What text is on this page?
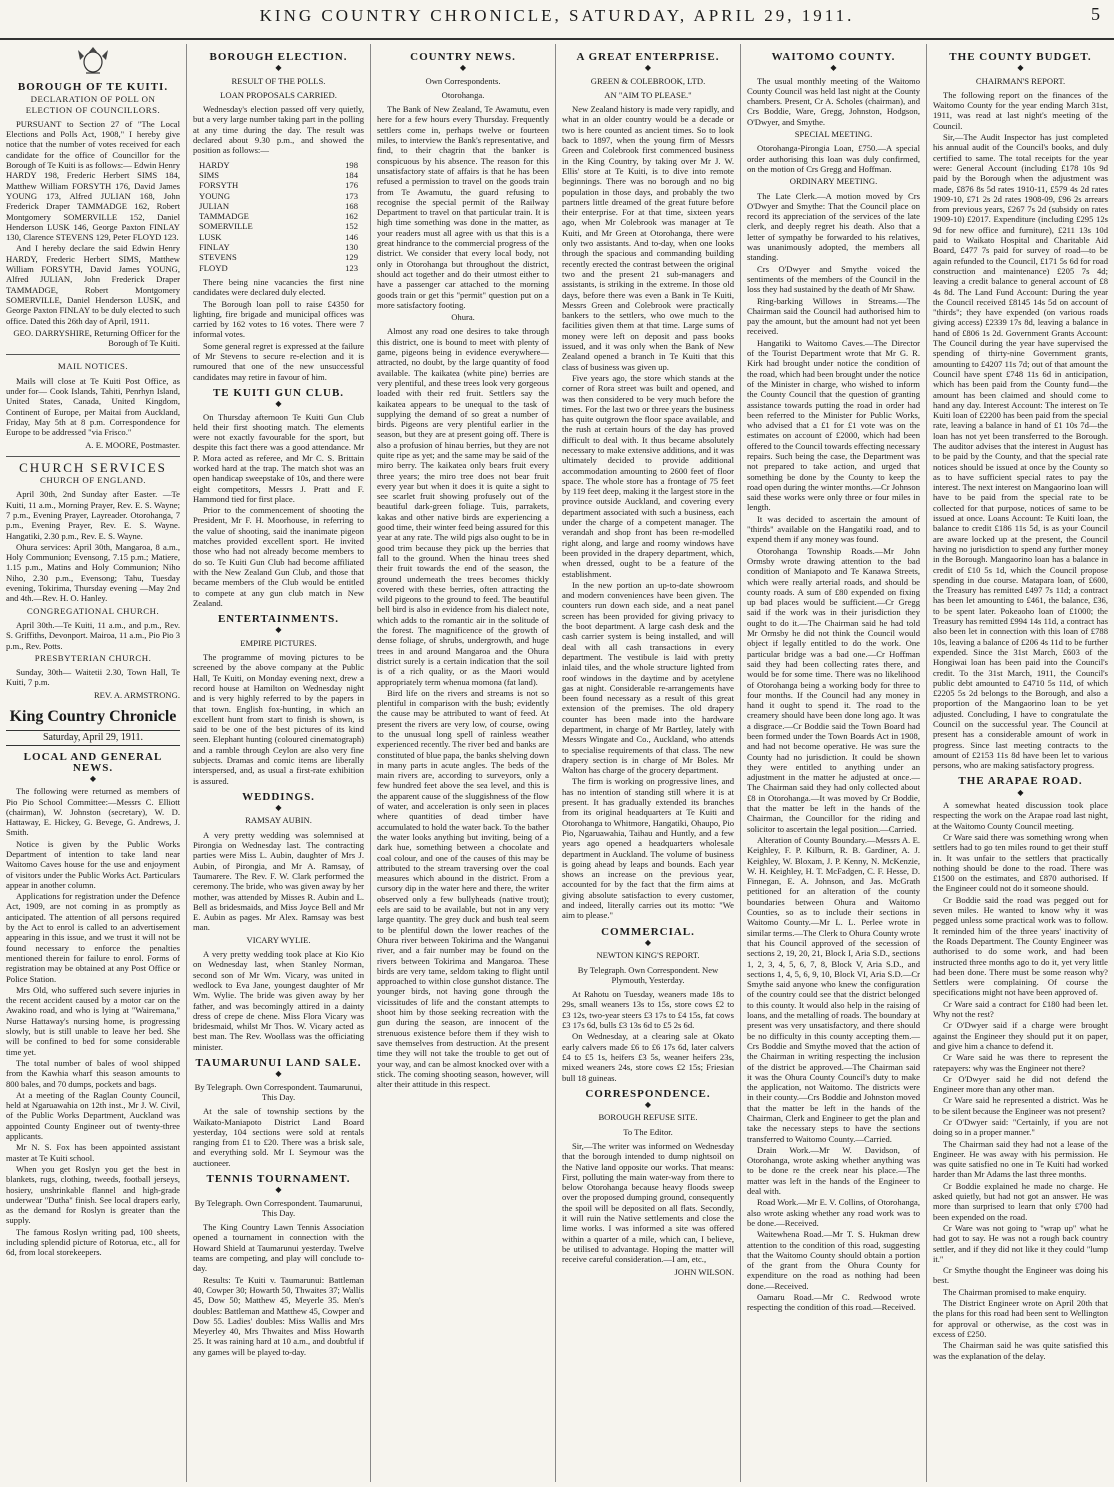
KING COUNTRY CHRONICLE, SATURDAY, APRIL 29, 1911.	5
BOROUGH OF TE KUITI.
DECLARATION OF POLL ON ELECTION OF COUNCILLORS.

PURSUANT to Section 27 of "The Local Elections and Polls Act, 1908," I hereby give notice that the number of votes received for each candidate for the office of Councillor for the Borough of Te Kuiti is as follows:— Edwin Henry HARDY 198, Frederic Herbert SIMS 184, Matthew William FORSYTH 176, David James YOUNG 173, Alfred JULIAN 168, John Frederick Draper TAMMADGE 162, Robert Montgomery SOMERVILLE 152, Daniel Henderson LUSK 146, George Paxton FINLAY 130, Clarence STEVENS 129, Peter FLOYD 123.

And I hereby declare the said Edwin Henry HARDY, Frederic Herbert SIMS, Matthew William FORSYTH, David James YOUNG, Alfred JULIAN, John Frederick Draper TAMMADGE, Robert Montgomery SOMERVILLE, Daniel Henderson LUSK, and George Paxton FINLAY to be duly elected to such office. Dated this 26th day of April, 1911.

GEO. DARRYSHIRE, Returning Officer for the Borough of Te Kuiti.
MAIL NOTICES.

Mails will close at Te Kuiti Post Office, as under for— Cook Islands, Tahiti, Penrhyn Island, United States, Canada, United Kingdom, Continent of Europe, per Maitai from Auckland, Friday, May 5th at 8 p.m. Correspondence for Europe to be addressed "via Frisco."

A. E. MOORE, Postmaster.
CHURCH SERVICES
CHURCH OF ENGLAND.

April 30th, 2nd Sunday after Easter. —Te Kuiti, 11 a.m., Morning Prayer, Rev. E. S. Wayne; 7 p.m., Evening Prayer, Layreader. Otorohanga, 7 p.m., Evening Prayer, Rev. E. S. Wayne. Hangatiki, 2.30 p.m., Rev. E. S. Wayne.

Ohura services: April 30th, Mangaroa, 8 a.m., Holy Communion; Evensong, 7.15 p.m.; Matiere, 1.15 p.m., Matins and Holy Communion; Niho Niho, 2.30 p.m., Evensong; Tahu, Tuesday evening, Tokirima, Thursday evening —May 2nd and 4th.—Rev. H. O. Hanley.

CONGREGATIONAL CHURCH.

April 30th.—Te Kuiti, 11 a.m., and p.m., Rev. S. Griffiths, Devonport. Mairoa, 11 a.m., Pio Pio 3 p.m., Rev. Potts.

PRESBYTERIAN CHURCH.

Sunday, 30th— Waitetii 2.30, Town Hall, Te Kuiti, 7 p.m.

REV. A. ARMSTRONG.
King Country Chronicle
Saturday, April 29, 1911.
LOCAL AND GENERAL NEWS.
◆

The following were returned as members of Pio Pio School Committee:—Messrs C. Elliott (chairman), W. Johnston (secretary), W. D. Hattaway, E. Hickey, G. Bevege, G. Andrews, J. Smith.

Notice is given by the Public Works Department of intention to take land near Waitomo Caves house for the use and enjoyment of visitors under the Public Works Act. Particulars appear in another column.

Applications for registration under the Defence Act, 1909, are not coming in as promptly as anticipated. The attention of all persons required by the Act to enrol is called to an advertisement appearing in this issue, and we trust it will not be found necessary to enforce the penalties mentioned therein for failure to enrol. Forms of registration may be obtained at any Post Office or Police Station.

Mrs Old, who suffered such severe injuries in the recent accident caused by a motor car on the Awakino road, and who is lying at "Wairemana," Nurse Hattaway's nursing home, is progressing slowly, but is still unable to leave her bed. She will be confined to bed for some considerable time yet.

The total number of bales of wool shipped from the Kawhia wharf this season amounts to 800 bales, and 70 dumps, pockets and bags.

At a meeting of the Raglan County Council, held at Ngaruawahia on 12th inst., Mr J. W. Civil, of the Public Works Department, Auckland was appointed County Engineer out of twenty-three applicants.

Mr N. S. Fox has been appointed assistant master at Te Kuiti school.

When you get Roslyn you get the best in blankets, rugs, clothing, tweeds, football jerseys, hosiery, unshrinkable flannel and high-grade underwear "Dutha" finish. See local drapers early, as the demand for Roslyn is greater than the supply.

The famous Roslyn writing pad, 100 sheets, including splendid picture of Rotorua, etc., all for 6d, from local storekeepers.

BOROUGH ELECTION.
◆
RESULT OF THE POLLS.
LOAN PROPOSALS CARRIED.

Wednesday's election passed off very quietly, but a very large number taking part in the polling at any time during the day. The result was declared about 9.30 p.m., and showed the position as follows:—

HARDY	198
SIMS	184
FORSYTH	176
YOUNG	173
JULIAN	168
TAMMADGE	162
SOMERVILLE	152
LUSK	146
FINLAY	130
STEVENS	129
FLOYD	123

There being nine vacancies the first nine candidates were declared duly elected.

The Borough loan poll to raise £4350 for lighting, fire brigade and municipal offices was carried by 162 votes to 16 votes. There were 7 informal votes.

Some general regret is expressed at the failure of Mr Stevens to secure re-election and it is rumoured that one of the new unsuccessful candidates may retire in favour of him.

TE KUITI GUN CLUB.
◆

On Thursday afternoon Te Kuiti Gun Club held their first shooting match. The elements were not exactly favourable for the sport, but despite this fact there was a good attendance. Mr P. Mora acted as referee, and Mr C. S. Brittain worked hard at the trap. The match shot was an open handicap sweepstake of 10s, and there were eight competitors, Messrs J. Pratt and F. Hammond tied for first place.

Prior to the commencement of shooting the President, Mr F. H. Moorhouse, in referring to the value of shooting, said the inanimate pigeon matches provided excellent sport. He invited those who had not already become members to do so. Te Kuiti Gun Club had become affiliated with the New Zealand Gun Club, and those that became members of the Club would be entitled to compete at any gun club match in New Zealand.

ENTERTAINMENTS.
◆
EMPIRE PICTURES.

The programme of moving pictures to be screened by the above company at the Public Hall, Te Kuiti, on Monday evening next, drew a record house at Hamilton on Wednesday night and is very highly referred to by the papers in that town. English fox-hunting, in which an excellent hunt from start to finish is shown, is said to be one of the best pictures of its kind seen. Elephant hunting (coloured cinematograph) and a ramble through Ceylon are also very fine subjects. Dramas and comic items are liberally interspersed, and, as usual a first-rate exhibition is assured.

WEDDINGS.
◆
RAMSAY AUBIN.

A very pretty wedding was solemnised at Pirongia on Wednesday last. The contracting parties were Miss L. Aubin, daughter of Mrs J. Aubin, of Pirongia, and Mr A. Ramsay, of Taumarere. The Rev. F. W. Clark performed the ceremony. The bride, who was given away by her mother, was attended by Misses R. Aubin and L. Bell as bridesmaids, and Miss Joyce Bell and Mr E. Aubin as pages. Mr Alex. Ramsay was best man.

VICARY WYLIE.

A very pretty wedding took place at Kio Kio on Wednesday last, when Stanley Norman, second son of Mr Wm. Vicary, was united in wedlock to Eva Jane, youngest daughter of Mr Wm. Wylie. The bride was given away by her father, and was becomingly attired in a dainty dress of crepe de chene. Miss Flora Vicary was bridesmaid, whilst Mr Thos. W. Vicary acted as best man. The Rev. Woollass was the officiating minister.

TAUMARUNUI LAND SALE.
◆
By Telegraph. Own Correspondent. Taumarunui, This Day.

At the sale of township sections by the Waikato-Maniapoto District Land Board yesterday, 104 sections were sold at rentals ranging from £1 to £20. There was a brisk sale, and everything sold. Mr I. Seymour was the auctioneer.

TENNIS TOURNAMENT.
◆
By Telegraph. Own Correspondent. Taumarunui, This Day.

The King Country Lawn Tennis Association opened a tournament in connection with the Howard Shield at Taumarunui yesterday. Twelve teams are competing, and play will conclude to-day.

Results: Te Kuiti v. Taumarunui: Battleman 40, Cowper 30; Howarth 50, Thwaites 37; Wallis 45, Dow 50; Matthew 45, Meyerle 35. Men's doubles: Battleman and Matthew 45, Cowper and Dow 55. Ladies' doubles: Miss Wallis and Mrs Meyerley 40, Mrs Thwaites and Miss Howarth 25. It was raining hard at 10 a.m., and doubtful if any games will be played to-day.

COUNTRY NEWS.
◆
Own Correspondents.
Otorohanga.

The Bank of New Zealand, Te Awamutu, even here for a few hours every Thursday. Frequently settlers come in, perhaps twelve or fourteen miles, to interview the Bank's representative, and find, to their chagrin that the banker is conspicuous by his absence. The reason for this unsatisfactory state of affairs is that he has been refused a permission to travel on the goods train from Te Awamutu, the guard refusing to recognise the special permit of the Railway Department to travel on that particular train. It is high time something was done in the matter, as your readers must all agree with us that this is a great hindrance to the commercial progress of the district. We consider that every local body, not only in Otorohanga but throughout the district, should act together and do their utmost either to have a passenger car attached to the morning goods train or get this "permit" question put on a more satisfactory footing.

Ohura.

Almost any road one desires to take through this district, one is bound to meet with plenty of game, pigeons being in evidence everywhere—attracted, no doubt, by the large quantity of food available. The kaikatea (white pine) berries are very plentiful, and these trees look very gorgeous loaded with their red fruit. Settlers say the kaikatea appears to be unequal to the task of supplying the demand of so great a number of birds. Pigeons are very plentiful earlier in the season, but they are at present going off. There is also a profusion of hinau berries, but they are not quite ripe as yet; and the same may be said of the miro berry. The kaikatea only bears fruit every three years; the miro tree does not bear fruit every year but when it does it is quite a sight to see scarlet fruit showing profusely out of the beautiful dark-green foliage. Tuis, parrakets, kakas and other native birds are experiencing a good time, their winter feed being assured for this year at any rate. The wild pigs also ought to be in good trim because they pick up the berries that fall to the ground. When the hinau trees shed their fruit towards the end of the season, the ground underneath the trees becomes thickly covered with these berries, often attracting the wild pigeons to the ground to feed. The beautiful bell bird is also in evidence from his dialect note, which adds to the romantic air in the solitude of the forest. The magnificence of the growth of dense foliage, of shrubs, undergrowth, and huge trees in and around Mangaroa and the Ohura district surely is a certain indication that the soil is of a rich quality, or as the Maori would appropriately term whenua momona (fat land).

Bird life on the rivers and streams is not so plentiful in comparison with the bush; evidently the cause may be attributed to want of feed. At present the rivers are very low, of course, owing to the unusual long spell of rainless weather experienced recently. The river bed and banks are constituted of blue papa, the banks shelving down in many parts in acute angles. The beds of the main rivers are, according to surveyors, only a few hundred feet above the sea level, and this is the apparent cause of the sluggishness of the flow of water, and acceleration is only seen in places where quantities of dead timber have accumulated to hold the water back. To the bather the water looks anything but inviting, being of a dark hue, something between a chocolate and coal colour, and one of the causes of this may be attributed to the stream traversing over the coal measures which abound in the district. From a cursory dip in the water here and there, the writer observed only a few bullyheads (native trout); eels are said to be available, but not in any very large quantity. The grey duck and bush teal seem to be plentiful down the lower reaches of the Ohura river between Tokirima and the Wanganui river, and a fair number may be found on the rivers between Tokirima and Mangaroa. These birds are very tame, seldom taking to flight until approached to within close gunshot distance. The younger birds, not having gone through the vicissitudes of life and the constant attempts to shoot him by those seeking recreation with the gun during the season, are innocent of the strenuous existence before them if they wish to save themselves from destruction. At the present time they will not take the trouble to get out of your way, and can be almost knocked over with a stick. The coming shooting season, however, will alter their attitude in this respect.

A GREAT ENTERPRISE.
◆
GREEN & COLEBROOK, LTD.
AN "AIM TO PLEASE."

New Zealand history is made very rapidly, and what in an older country would be a decade or two is here counted as ancient times. So to look back to 1897, when the young firm of Messrs Green and Colebrook first commenced business in the King Country, by taking over Mr J. W. Ellis' store at Te Kuiti, is to dive into remote beginnings. There was no borough and no big population in those days, and probably the two partners little dreamed of the great future before their enterprise. For at that time, sixteen years ago, when Mr Colebrook was manager at Te Kuiti, and Mr Green at Otorohanga, there were only two assistants. And to-day, when one looks through the spacious and commanding building recently erected the contrast between the original two and the present 21 sub-managers and assistants, is striking in the extreme. In those old days, before there was even a Bank in Te Kuiti, Messrs Green and Colebrook were practically bankers to the settlers, who owe much to the facilities given them at that time. Large sums of money were left on deposit and pass books issued, and it was only when the Bank of New Zealand opened a branch in Te Kuiti that this class of business was given up.

Five years ago, the store which stands at the corner of Rora street was built and opened, and was then considered to be very much before the times. For the last two or three years the business has quite outgrown the floor space available, and the rush at certain hours of the day has proved difficult to deal with. It thus became absolutely necessary to make extensive additions, and it was ultimately decided to provide additional accommodation amounting to 2600 feet of floor space. The whole store has a frontage of 75 feet by 119 feet deep, making it the largest store in the province outside Auckland, and covering every department associated with such a business, each under the charge of a competent manager. The verandah and shop front has been re-modelled right along, and large and roomy windows have been provided in the drapery department, which, when dressed, ought to be a feature of the establishment.

In the new portion an up-to-date showroom and modern conveniences have been given. The counters run down each side, and a neat panel screen has been provided for giving privacy to the boot department. A large cash desk and the cash carrier system is being installed, and will deal with all cash transactions in every department. The vestibule is laid with pretty inlaid tiles, and the whole structure lighted from roof windows in the daytime and by acetylene gas at night. Considerable re-arrangements have been found necessary as a result of this great extension of the premises. The old drapery counter has been made into the hardware department, in charge of Mr Bartley, lately with Messrs Wingate and Co., Auckland, who attends to specialise requirements of that class. The new drapery section is in charge of Mr Boles. Mr Walton has charge of the grocery department.

The firm is working on progressive lines, and has no intention of standing still where it is at present. It has gradually extended its branches from its original headquarters at Te Kuiti and Otorohanga to Whitmore, Hangatiki, Ohaupo, Pio Pio, Ngaruawahia, Taihau and Huntly, and a few years ago opened a headquarters wholesale department in Auckland. The volume of business is going ahead by leaps and bounds. Each year shows an increase on the previous year, accounted for by the fact that the firm aims at giving absolute satisfaction to every customer, and indeed, literally carries out its motto: "We aim to please."

COMMERCIAL.
◆
NEWTON KING'S REPORT.
By Telegraph. Own Correspondent. New Plymouth, Yesterday.

At Rahotu on Tuesday, weaners made 18s to 29s, small weaners 13s to 15s, store cows £2 to £3 12s, two-year steers £3 17s to £4 15s, fat cows £3 17s 6d, bulls £3 13s 6d to £5 2s 6d.

On Wednesday, at a clearing sale at Okato early calvers made £6 to £6 17s 6d, later calvers £4 to £5 1s, heifers £3 5s, weaner heifers 23s, mixed weaners 24s, store cows £2 15s; Friesian bull 18 guineas.

CORRESPONDENCE.
◆
BOROUGH REFUSE SITE.
To The Editor.

Sir,—The writer was informed on Wednesday that the borough intended to dump nightsoil on the Native land opposite our works. That means: First, polluting the main water-way from there to below Otorohanga because heavy floods sweep over the proposed dumping ground, consequently the spoil will be deposited on all flats. Secondly, it will ruin the Native settlements and close the lime works. I was informed a site was offered within a quarter of a mile, which can, I believe, be utilised to advantage. Hoping the matter will receive careful consideration.—I am, etc.,

JOHN WILSON.
WAITOMO COUNTY.
◆

The usual monthly meeting of the Waitomo County Council was held last night at the County chambers. Present, Cr A. Scholes (chairman), and Crs Boddie, Ware, Gregg, Johnston, Hodgson, O'Dwyer, and Smythe.

SPECIAL MEETING.

Otorohanga-Pirongia Loan, £750.—A special order authorising this loan was duly confirmed, on the motion of Crs Gregg and Hoffman.

ORDINARY MEETING.

The Late Clerk.—A motion moved by Crs O'Dwyer and Smythe: That the Council place on record its appreciation of the services of the late clerk, and deeply regret his death. Also that a letter of sympathy be forwarded to his relatives, was unanimously adopted, the members all standing.

Crs O'Dwyer and Smythe voiced the sentiments of the members of the Council in the loss they had sustained by the death of Mr Shaw.

Ring-barking Willows in Streams.—The Chairman said the Council had authorised him to pay the amount, but the amount had not yet been received.

Hangatiki to Waitomo Caves.—The Director of the Tourist Department wrote that Mr G. R. Kirk had brought under notice the condition of the road, which had been brought under the notice of the Minister in charge, who wished to inform the County Council that the question of granting assistance towards putting the road in order had been referred to the Minister for Public Works, who advised that a £1 for £1 vote was on the estimates on account of £2000, which had been offered to the Council towards effecting necessary repairs. Such being the case, the Department was not prepared to take action, and urged that something be done by the County to keep the road open during the winter months.—Cr Johnson said these works were only three or four miles in length.

It was decided to ascertain the amount of "thirds" available on the Hangatiki road, and to expend them if any money was found.

Otorohanga Township Roads.—Mr John Ormsby wrote drawing attention to the bad condition of Maniapoto and Te Kanawa Streets, which were really arterial roads, and should be county roads. A sum of £80 expended on fixing up bad places would be sufficient.—Cr Gregg said if the work was in their jurisdiction they ought to do it.—The Chairman said he had told Mr Ormsby he did not think the Council would object if legally entitled to do the work. One particular bridge was a bad one.—Cr Hoffman said they had been collecting rates there, and would be for some time. There was no likelihood of Otorohanga being a working body for three to four months. If the Council had any money in hand it ought to spend it. The road to the creamery should have been done long ago. It was a disgrace.—Cr Boddie said the Town Board had been formed under the Town Boards Act in 1908, and had not become operative. He was sure the County had no jurisdiction. It could be shown they were entitled to anything under an adjustment in the matter he adjusted at once.—The Chairman said they had only collected about £8 in Otorohanga.—It was moved by Cr Boddie, that the matter be left in the hands of the Chairman, the Councillor for the riding and solicitor to ascertain the legal position.—Carried.

Alteration of County Boundary.—Messrs A. E. Keighley, F. P. Kilburn, R. B. Gardiner, A. J. Keighley, W. Bloxam, J. P. Kenny, N. McKenzie, W. H. Keighley, H. T. McFadgen, C. F. Hesse, D. Finnegan, E. A. Johnson, and Jas. McGrath petitioned for an alteration of the county boundaries between Ohura and Waitomo Counties, so as to include their sections in Waitomo County.—Mr L. L. Perlee wrote in similar terms.—The Clerk to Ohura County wrote that his Council approved of the secession of sections 2, 19, 20, 21, Block I, Aria S.D., sections 1, 2, 3, 4, 5, 6, 7, 8, Block V, Aria S.D., and sections 1, 4, 5, 6, 9, 10, Block VI, Aria S.D.—Cr Smythe said anyone who knew the configuration of the country could see that the district belonged to this county. It would also help in the raising of loans, and the metalling of roads. The boundary at present was very unsatisfactory, and there should be no difficulty in this county accepting them.—Crs Boddie and Smythe moved that the action of the Chairman in writing respecting the inclusion of the district be approved.—The Chairman said it was the Ohura County Council's duty to make the application, not Waitomo. The districts were in their county.—Crs Boddie and Johnston moved that the matter be left in the hands of the Chairman, Clerk and Engineer to get the plan and take the necessary steps to have the sections transferred to Waitomo County.—Carried.

Drain Work.—Mr W. Davidson, of Otorohanga, wrote asking whether anything was to be done re the creek near his place.—The matter was left in the hands of the Engineer to deal with.

Road Work.—Mr E. V. Collins, of Otorohanga, also wrote asking whether any road work was to be done.—Received.

Waitewhena Road.—Mr T. S. Hukman drew attention to the condition of this road, suggesting that the Waitomo County should obtain a portion of the grant from the Ohura County for expenditure on the road as nothing had been done.—Received.

Oamaru Road.—Mr C. Redwood wrote respecting the condition of this road.—Received.

THE COUNTY BUDGET.
◆
CHAIRMAN'S REPORT.

The following report on the finances of the Waitomo County for the year ending March 31st, 1911, was read at last night's meeting of the Council.

Sir,—The Audit Inspector has just completed his annual audit of the Council's books, and duly certified to same. The total receipts for the year were: General Account (including £178 10s 9d paid by the Borough when the adjustment was made, £876 8s 5d rates 1910-11, £579 4s 2d rates 1909-10, £71 2s 2d rates 1908-09, £96 2s arrears from previous years, £267 7s 2d (subsidy on rates 1909-10) £2017. Expenditure (including £295 12s 9d for new office and furniture), £211 13s 10d paid to Waikato Hospital and Charitable Aid Board, £477 7s paid for survey of road—to be again refunded to the Council, £171 5s 6d for road construction and maintenance) £205 7s 4d; leaving a credit balance to general account of £8 4s 8d. The Land Fund Account: During the year the Council received £8145 14s 5d on account of "thirds"; they have expended (on various roads giving access) £2339 17s 8d, leaving a balance in hand of £806 1s 2d. Government Grants Account: The Council during the year have supervised the spending of thirty-nine Government grants, amounting to £4207 11s 7d; out of that amount the Council have spent £748 11s 6d in anticipation, which has been paid from the County fund—the amount has been claimed and should come to hand any day. Interest Account: The interest on Te Kuiti loan of £2200 has been paid from the special rate, leaving a balance in hand of £1 10s 7d—the loan has not yet been transferred to the Borough. The auditor advises that the interest in August has to be paid by the County, and that the special rate notices should be issued at once by the County so as to have sufficient special rates to pay the interest. The next interest on Mangaorino loan will have to be paid from the special rate to be collected for that purpose, notices of same to be issued at once. Loans Account: Te Kuiti loan, the balance to credit £186 11s 5d, is as your Council are aware locked up at the present, the Council having no jurisdiction to spend any further money in the Borough. Mangaorino loan has a balance in credit of £10 5s 1d, which the Council propose spending in due course. Matapara loan, of £600, the Treasury has remitted £497 7s 11d; a contract has been let amounting to £461, the balance, £36, to be spent later. Pokeaoho loan of £1000; the Treasury has remitted £994 14s 11d, a contract has also been let in connection with this loan of £788 10s, leaving a balance of £206 4s 11d to be further expended. Since the 31st March, £603 of the Hongiwai loan has been paid into the Council's credit. To the 31st March, 1911, the Council's public debt amounted to £4710 5s 11d, of which £2205 5s 2d belongs to the Borough, and also a proportion of the Mangaorino loan to be yet adjusted. Concluding, I have to congratulate the Council on the successful year. The Council at present has a considerable amount of work in progress. Since last meeting contracts to the amount of £2153 11s 8d have been let to various persons, who are making satisfactory progress.

THE ARAPAE ROAD.
◆

A somewhat heated discussion took place respecting the work on the Arapae road last night, at the Waitomo County Council meeting.

Cr Ware said there was something wrong when settlers had to go ten miles round to get their stuff in. It was unfair to the settlers that practically nothing should be done to the road. There was £1500 on the estimates, and £870 authorised. If the Engineer could not do it someone should.

Cr Boddie said the road was pegged out for seven miles. He wanted to know why it was pegged unless some practical work was to follow. It reminded him of the three years' inactivity of the Roads Department. The County Engineer was authorised to do some work, and had been instructed three months ago to do it, yet very little had been done. There must be some reason why? Settlers were complaining. Of course the specifications might not have been approved of.

Cr Ware said a contract for £180 had been let. Why not the rest?

Cr O'Dwyer said if a charge were brought against the Engineer they should put it on paper, and give him a chance to defend it.

Cr Ware said he was there to represent the ratepayers: why was the Engineer not there?

Cr O'Dwyer said he did not defend the Engineer more than any other man.

Cr Ware said he represented a district. Was he to be silent because the Engineer was not present?

Cr O'Dwyer said: "Certainly, if you are not doing so in a proper manner."

The Chairman said they had not a lease of the Engineer. He was away with his permission. He was quite satisfied no one in Te Kuiti had worked harder than Mr Adams the last three months.

Cr Boddie explained he made no charge. He asked quietly, but had not got an answer. He was more than surprised to learn that only £700 had been expended on the road.

Cr Ware was not going to "wrap up" what he had got to say. He was not a rough back country settler, and if they did not like it they could "lump it."

Cr Smythe thought the Engineer was doing his best.

The Chairman promised to make enquiry.

The District Engineer wrote on April 20th that the plans for this road had been sent to Wellington for approval or otherwise, as the cost was in excess of £250.

The Chairman said he was quite satisfied this was the explanation of the delay.
